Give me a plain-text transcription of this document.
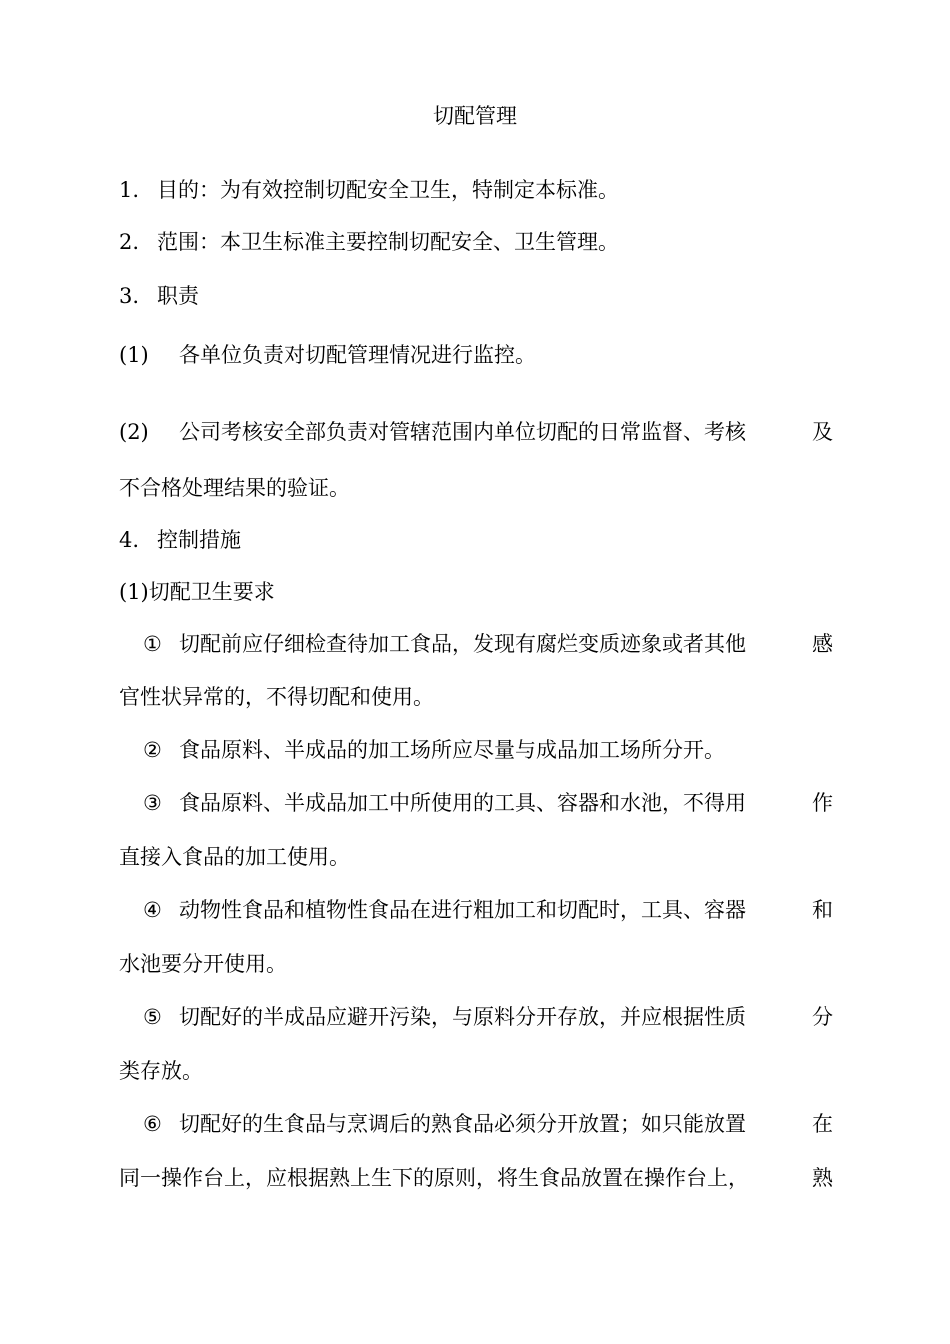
切配管理
1. 目的：为有效控制切配安全卫生，特制定本标准。
2. 范围：本卫生标准主要控制切配安全、卫生管理。
3. 职责
(1) 各单位负责对切配管理情况进行监控。
(2) 公司考核安全部负责对管辖范围内单位切配的日常监督、考核	及
不合格处理结果的验证。
4. 控制措施
(1)切配卫生要求
① 切配前应仔细检查待加工食品，发现有腐烂变质迹象或者其他	感
官性状异常的，不得切配和使用。
② 食品原料、半成品的加工场所应尽量与成品加工场所分开。
③ 食品原料、半成品加工中所使用的工具、容器和水池，不得用	作
直接入食品的加工使用。
④ 动物性食品和植物性食品在进行粗加工和切配时，工具、容器	和
水池要分开使用。
⑤ 切配好的半成品应避开污染，与原料分开存放，并应根据性质	分
类存放。
⑥ 切配好的生食品与烹调后的熟食品必须分开放置；如只能放置	在
同一操作台上，应根据熟上生下的原则，将生食品放置在操作台上，	熟
